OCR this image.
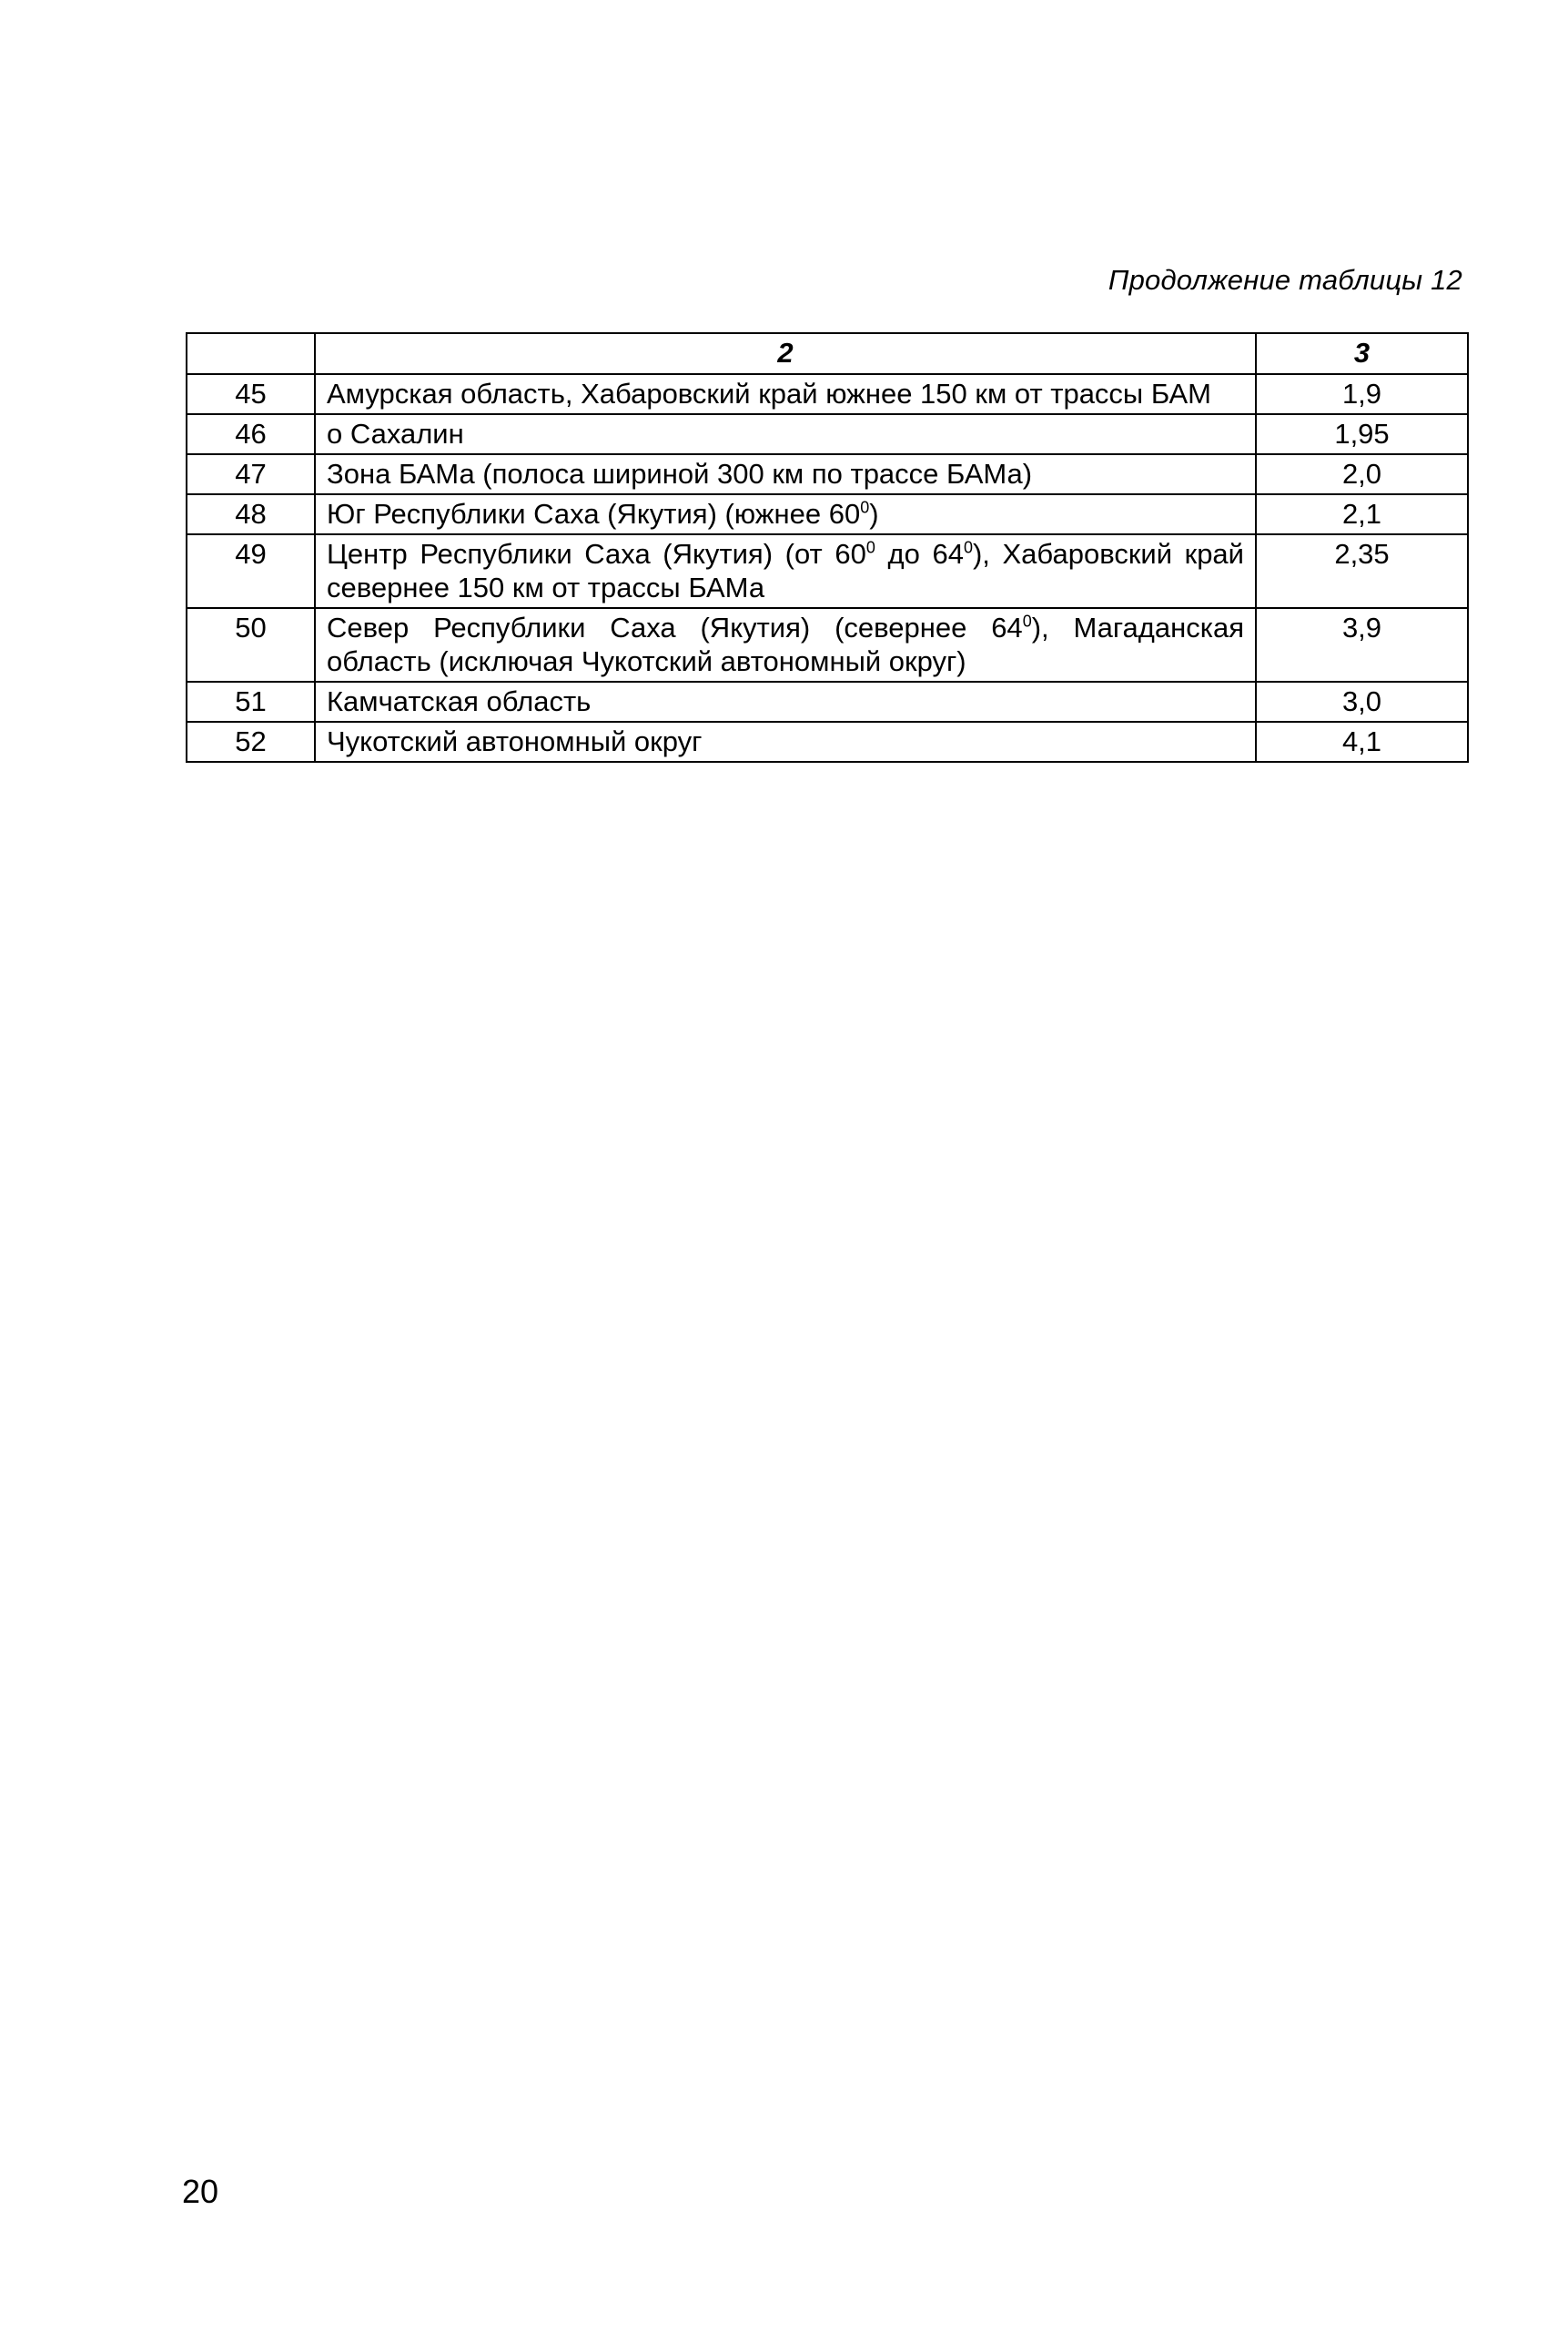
Продолжение таблицы 12
	2	3
45	Амурская область, Хабаровский край южнее 150 км от трассы БАМ	1,9
46	о Сахалин	1,95
47	Зона БАМа (полоса шириной 300 км по трассе БАМа)	2,0
48	Юг Республики Саха (Якутия) (южнее $60^0$)	2,1
49	Центр Республики Саха (Якутия) (от $60^0$ до $64^0$), Хабаровский край севернее 150 км от трассы БАМа	2,35
50	Север Республики Саха (Якутия) (севернее $64^0$), Магаданская область (исключая Чукотский автономный округ)	3,9
51	Камчатская область	3,0
52	Чукотский автономный округ	4,1
20
